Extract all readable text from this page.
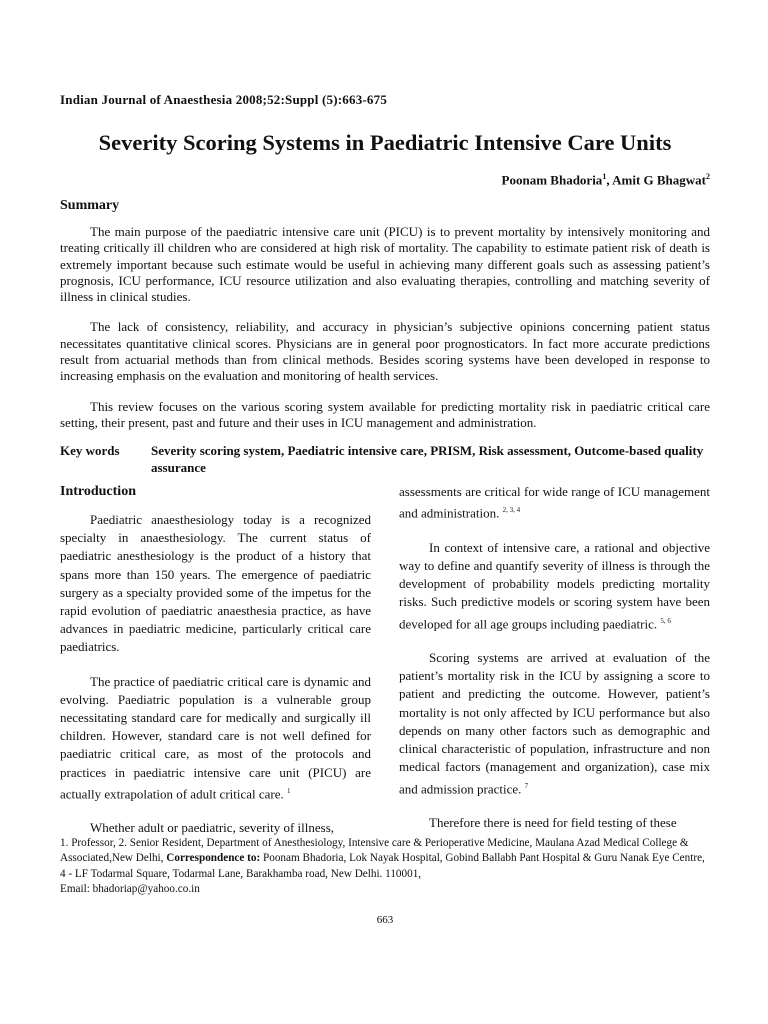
Indian Journal of Anaesthesia 2008;52:Suppl (5):663-675
Severity Scoring Systems in Paediatric Intensive Care Units
Poonam Bhadoria$^1$, Amit G Bhagwat$^2$
Summary

The main purpose of the paediatric intensive care unit (PICU) is to prevent mortality by intensively monitoring and treating critically ill children who are considered at high risk of mortality. The capability to estimate patient risk of death is extremely important because such estimate would be useful in achieving many different goals such as assessing patient’s prognosis, ICU performance, ICU resource utilization and also evaluating therapies, controlling and matching severity of illness in clinical studies.

The lack of consistency, reliability, and accuracy in physician’s subjective opinions concerning patient status necessitates quantitative clinical scores. Physicians are in general poor prognosticators. In fact more accurate predictions result from actuarial methods than from clinical methods. Besides scoring systems have been developed in response to increasing emphasis on the evaluation and monitoring of health services.

This review focuses on the various scoring system available for predicting mortality risk in paediatric critical care setting, their present, past and future and their uses in ICU management and administration.

Key words Severity scoring system, Paediatric intensive care, PRISM, Risk assessment, Outcome-based quality assurance
Introduction

Paediatric anaesthesiology today is a recognized specialty in anaesthesiology. The current status of paediatric anesthesiology is the product of a history that spans more than 150 years. The emergence of paediatric surgery as a specialty provided some of the impetus for the rapid evolution of paediatric anaesthesia practice, as have advances in paediatric medicine, particularly critical care paediatrics.

The practice of paediatric critical care is dynamic and evolving. Paediatric population is a vulnerable group necessitating standard care for medically and surgically ill children. However, standard care is not well defined for paediatric critical care, as most of the protocols and practices in paediatric intensive care unit (PICU) are actually extrapolation of adult critical care. $^1$

Whether adult or paediatric, severity of illness,

assessments are critical for wide range of ICU management and administration. $^{2, 3, 4}$

In context of intensive care, a rational and objective way to define and quantify severity of illness is through the development of probability models predicting mortality risks. Such predictive models or scoring system have been developed for all age groups including paediatric. $^{5, 6}$

Scoring systems are arrived at evaluation of the patient’s mortality risk in the ICU by assigning a score to patient and predicting the outcome. However, patient’s mortality is not only affected by ICU performance but also depends on many other factors such as demographic and clinical characteristic of population, infrastructure and non medical factors (management and organization), case mix and admission practice. $^7$

Therefore there is need for field testing of these

1. Professor, 2. Senior Resident, Department of Anesthesiology, Intensive care & Perioperative Medicine, Maulana Azad Medical College & Associated,New Delhi, Correspondence to: Poonam Bhadoria, Lok Nayak Hospital, Gobind Ballabh Pant Hospital & Guru Nanak Eye Centre, 4 - LF Todarmal Square, Todarmal Lane, Barakhamba road, New Delhi. 110001,

Email: bhadoriap@yahoo.co.in

663
